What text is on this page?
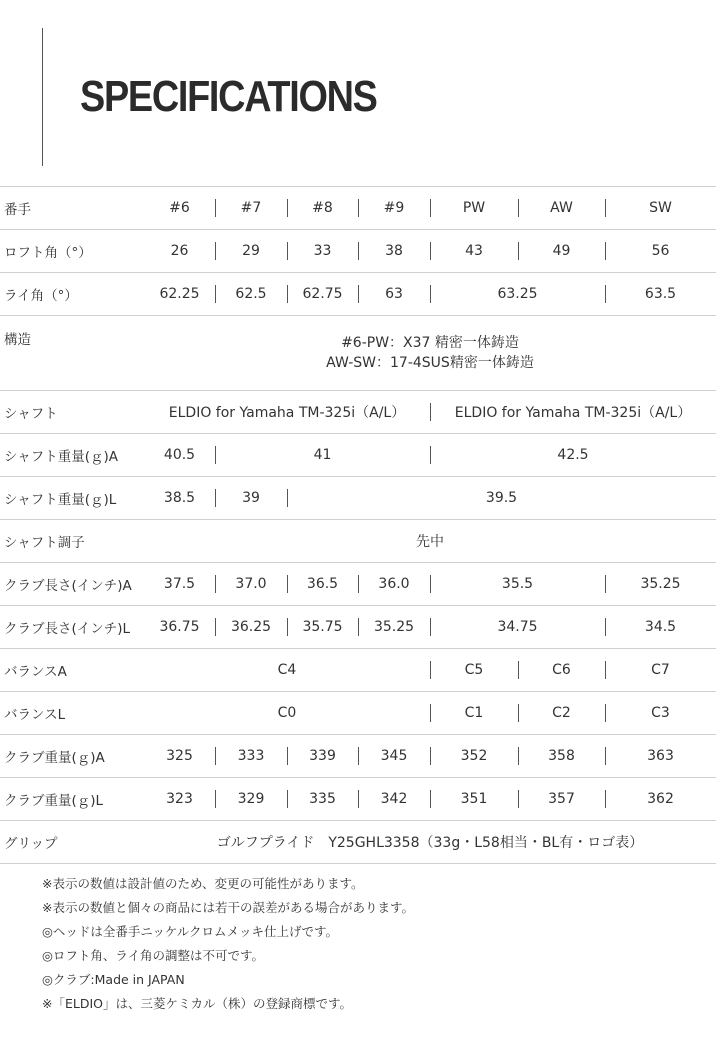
SPECIFICATIONS
番手	#6	#7	#8	#9	PW	AW	SW
ロフト角（°）	26	29	33	38	43	49	56
ライ角（°）	62.25	62.5	62.75	63	63.25		63.5
構造	#6-PW：X37 精密一体鋳造
AW-SW：17-4SUS精密一体鋳造						

シャフト	ELDIO for Yamaha TM-325i（A/L）				ELDIO for Yamaha TM-325i（A/L）		
シャフト重量(ｇ)A	40.5	41			42.5		
シャフト重量(ｇ)L	38.5	39	39.5				
シャフト調子	先中						
クラブ長さ(インチ)A	37.5	37.0	36.5	36.0	35.5		35.25
クラブ長さ(インチ)L	36.75	36.25	35.75	35.25	34.75		34.5
バランスA	C4				C5	C6	C7
バランスL	C0				C1	C2	C3
クラブ重量(ｇ)A	325	333	339	345	352	358	363
クラブ重量(ｇ)L	323	329	335	342	351	357	362
グリップ	ゴルフプライド　Y25GHL3358（33g・L58相当・BL有・ロゴ表）						
※表示の数値は設計値のため、変更の可能性があります。
※表示の数値と個々の商品には若干の誤差がある場合があります。
◎ヘッドは全番手ニッケルクロムメッキ仕上げです。
◎ロフト角、ライ角の調整は不可です。
◎クラブ:Made in JAPAN
※「ELDIO」は、三菱ケミカル（株）の登録商標です。
